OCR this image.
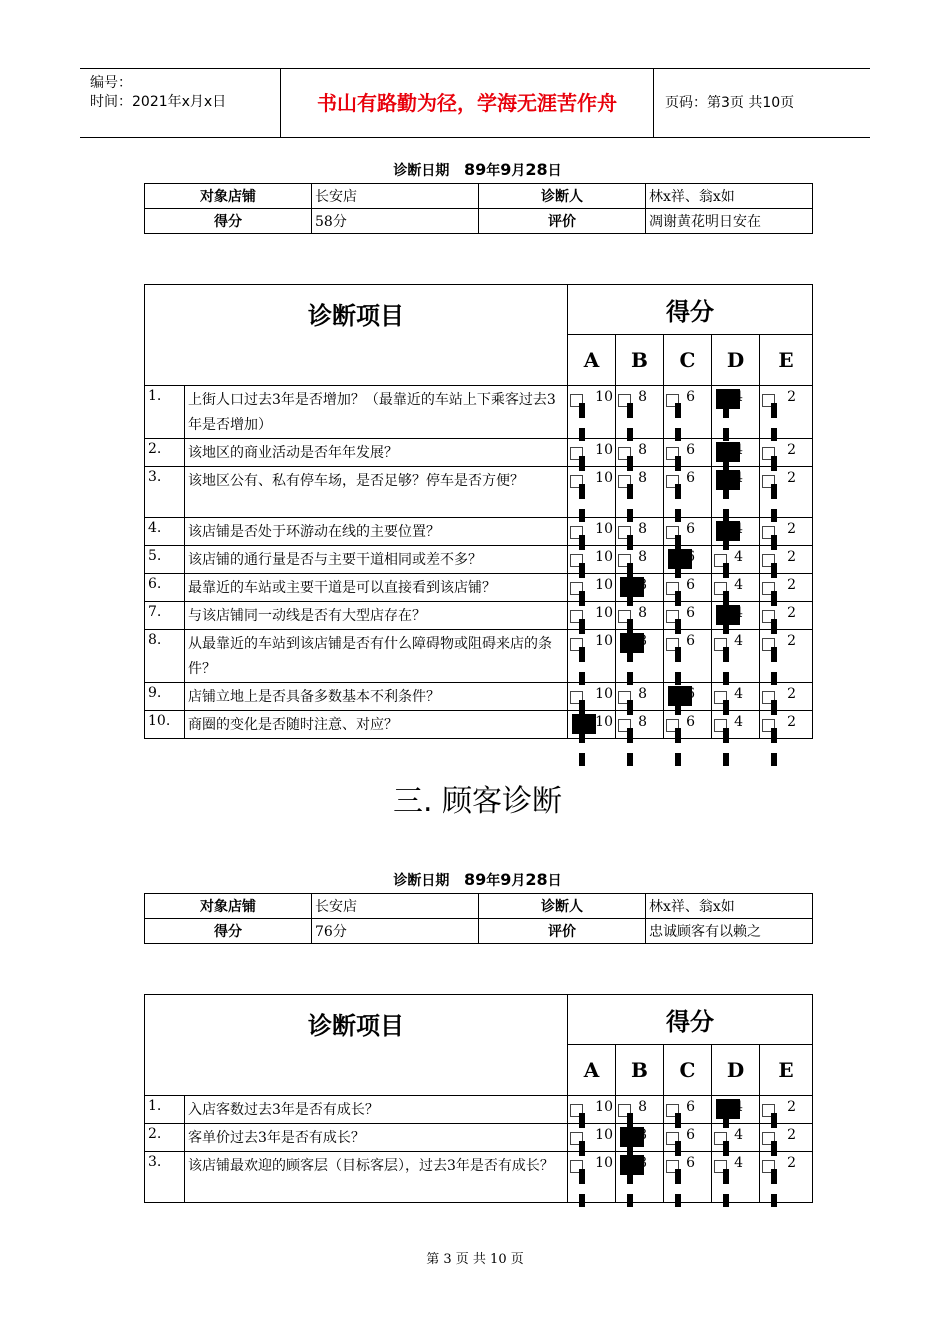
编号：
时间：2021年x月x日	书山有路勤为径，学海无涯苦作舟	页码：第3页 共10页
诊断日期 89年9月28日
对象店铺	长安店	诊断人	林x祥、翁x如
得分	58分	评价	凋谢黄花明日安在
诊断项目		得分				
		A	B	C	D	E
1.	上街人口过去3年是否增加？（最靠近的车站上下乘客过去3年是否增加）	10	8	6	4	2

2.	该地区的商业活动是否年年发展？	10	8	6	4	2

3.	该地区公有、私有停车场，是否足够？停车是否方便？	10	8	6	4	2

4.	该店铺是否处于环游动在线的主要位置？	10	8	6	4	2

5.	该店铺的通行量是否与主要干道相同或差不多？	10	8	6	4	2

6.	最靠近的车站或主要干道是可以直接看到该店铺？	10	8	6	4	2

7.	与该店铺同一动线是否有大型店存在？	10	8	6	4	2

8.	从最靠近的车站到该店铺是否有什么障碍物或阻碍来店的条件？	10	8	6	4	2

9.	店铺立地上是否具备多数基本不利条件？	10	8	6	4	2

10.	商圈的变化是否随时注意、对应？	10	8	6	4	2
三. 顾客诊断
诊断日期 89年9月28日
对象店铺	长安店	诊断人	林x祥、翁x如
得分	76分	评价	忠诚顾客有以赖之
诊断项目		得分				
		A	B	C	D	E
1.	入店客数过去3年是否有成长？	10	8	6	4	2

2.	客单价过去3年是否有成长？	10	8	6	4	2

3.	该店铺最欢迎的顾客层（目标客层），过去3年是否有成长？	10	8	6	4	2
第 3 页 共 10 页
